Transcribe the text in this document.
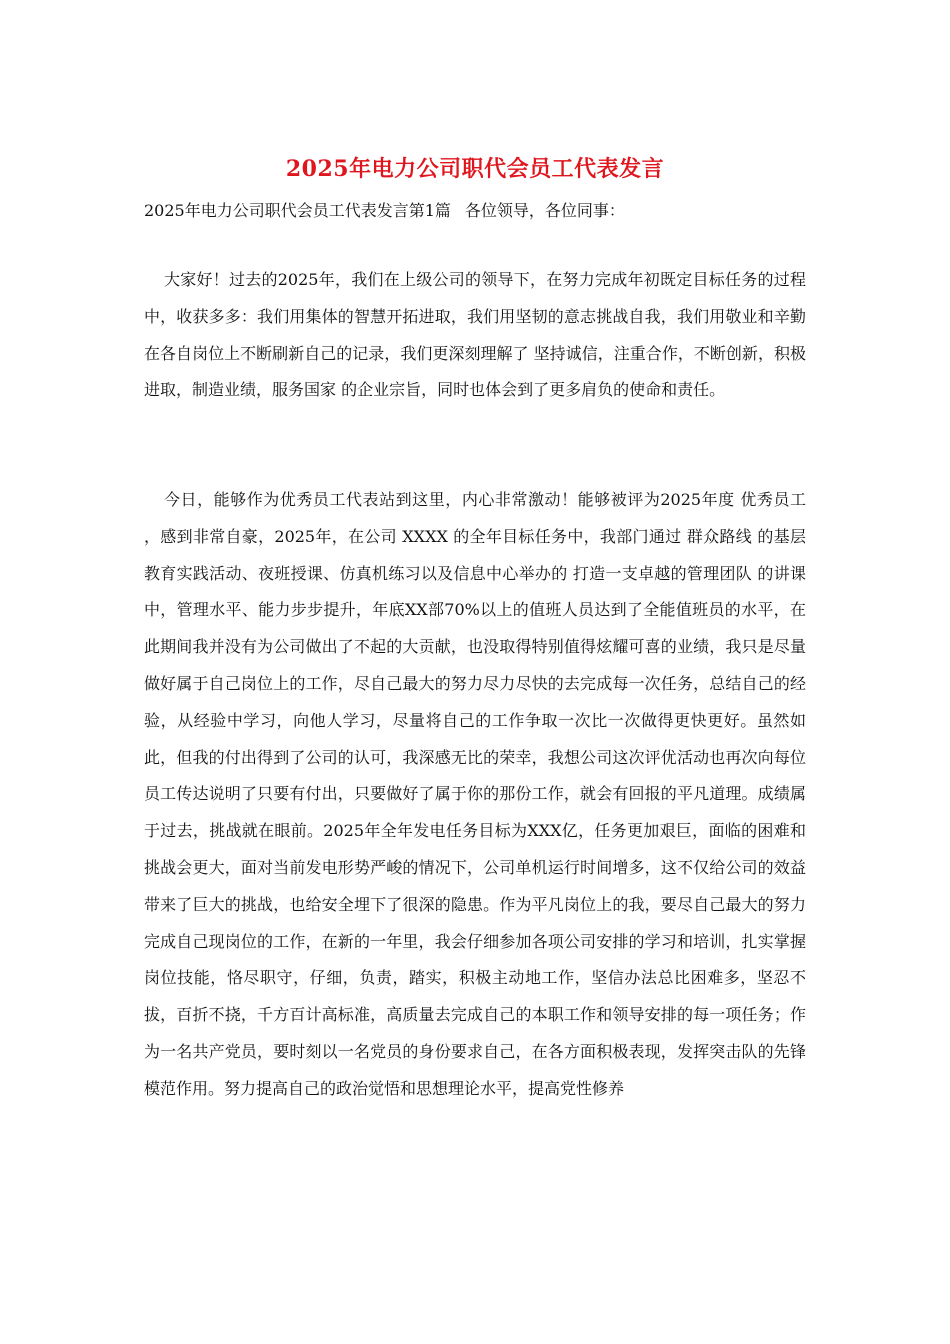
2025年电力公司职代会员工代表发言
2025年电力公司职代会员工代表发言第1篇 各位领导，各位同事：

大家好！过去的2025年，我们在上级公司的领导下，在努力完成年初既定目标任务的过程中，收获多多：我们用集体的智慧开拓进取，我们用坚韧的意志挑战自我，我们用敬业和辛勤在各自岗位上不断刷新自己的记录，我们更深刻理解了 坚持诚信，注重合作，不断创新，积极进取，制造业绩，服务国家 的企业宗旨，同时也体会到了更多肩负的使命和责任。

今日，能够作为优秀员工代表站到这里，内心非常激动！能够被评为2025年度 优秀员工 ，感到非常自豪，2025年，在公司 XXXX 的全年目标任务中，我部门通过 群众路线 的基层教育实践活动、夜班授课、仿真机练习以及信息中心举办的 打造一支卓越的管理团队 的讲课中，管理水平、能力步步提升，年底XX部70%以上的值班人员达到了全能值班员的水平，在此期间我并没有为公司做出了不起的大贡献，也没取得特别值得炫耀可喜的业绩，我只是尽量做好属于自己岗位上的工作，尽自己最大的努力尽力尽快的去完成每一次任务，总结自己的经验，从经验中学习，向他人学习，尽量将自己的工作争取一次比一次做得更快更好。虽然如此，但我的付出得到了公司的认可，我深感无比的荣幸，我想公司这次评优活动也再次向每位员工传达说明了只要有付出，只要做好了属于你的那份工作，就会有回报的平凡道理。成绩属于过去，挑战就在眼前。2025年全年发电任务目标为XXX亿，任务更加艰巨，面临的困难和挑战会更大，面对当前发电形势严峻的情况下，公司单机运行时间增多，这不仅给公司的效益带来了巨大的挑战，也给安全埋下了很深的隐患。作为平凡岗位上的我，要尽自己最大的努力完成自己现岗位的工作，在新的一年里，我会仔细参加各项公司安排的学习和培训，扎实掌握岗位技能，恪尽职守，仔细，负责，踏实，积极主动地工作，坚信办法总比困难多，坚忍不拔，百折不挠，千方百计高标准，高质量去完成自己的本职工作和领导安排的每一项任务；作为一名共产党员，要时刻以一名党员的身份要求自己，在各方面积极表现，发挥突击队的先锋模范作用。努力提高自己的政治觉悟和思想理论水平，提高党性修养
